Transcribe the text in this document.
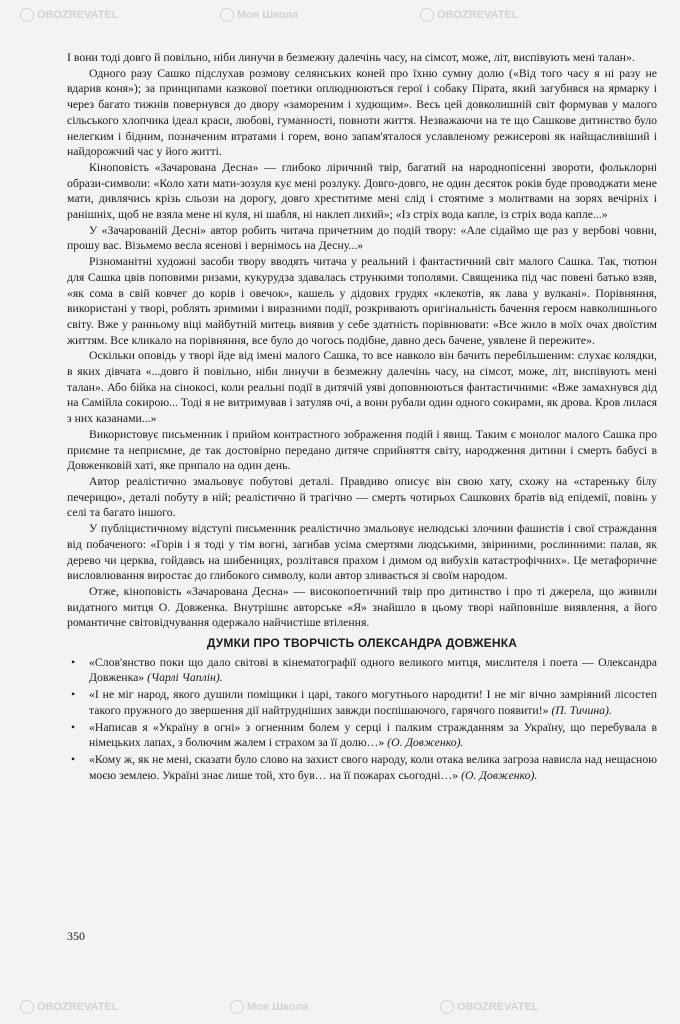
OBOZREVATEL	Моя Школа	OBOZREVATEL
OBOZREVATEL	Моя Школа	OBOZREVATEL

І вони тоді довго й повільно, ніби линучи в безмежну далечінь часу, на сімсот, може, літ, виспівують мені талан».

Одного разу Сашко підслухав розмову селянських коней про їхню сумну долю («Від того часу я ні разу не вдарив коня»); за принципами казкової поетики оплюднюються герої і собаку Пірата, який загубився на ярмарку і через багато тижнів повернувся до двору «замореним і худющим». Весь цей довколишній світ формував у малого сільського хлопчика ідеал краси, любові, гуманності, повноти життя. Незважаючи на те що Сашкове дитинство було нелегким і бідним, позначеним втратами і горем, воно запам'яталося уславленому режисерові як найщасливіший і найдорожчий час у його житті.

Кіноповість «Зачарована Десна» — глибоко ліричний твір, багатий на народнопісенні звороти, фольклорні образи-символи: «Коло хати мати-зозуля кує мені розлуку. Довго-довго, не один десяток років буде проводжати мене мати, дивлячись крізь сльози на дорогу, довго хреститиме мені слід і стоятиме з молитвами на зорях вечірніх і ранішніх, щоб не взяла мене ні куля, ні шабля, ні наклеп лихий»; «Із стріх вода капле, із стріх вода капле...»

У «Зачарованій Десні» автор робить читача причетним до подій твору: «Але сідаймо ще раз у вербові човни, прошу вас. Візьмемо весла ясенові і вернімось на Десну...»

Різноманітні художні засоби твору вводять читача у реальний і фантастичний світ малого Сашка. Так, тютюн для Сашка цвів поповими ризами, кукурудза здавалась стрункими тополями. Священика під час повені батько взяв, «як сома в свій ковчег до корів і овечок», кашель у дідових грудях «клекотів, як лава у вулкані». Порівняння, використані у творі, роблять зримими і виразними події, розкривають оригінальність бачення героєм навколишнього світу. Вже у ранньому віці майбутній митець виявив у себе здатність порівнювати: «Все жило в моїх очах двоїстим життям. Все кликало на порівняння, все було до чогось подібне, давно десь бачене, уявлене й пережите».

Оскільки оповідь у творі йде від імені малого Сашка, то все навколо він бачить перебільшеним: слухає колядки, в яких дівчата «...довго й повільно, ніби линучи в безмежну далечінь часу, на сімсот, може, літ, виспівують мені талан». Або бійка на сінокосі, коли реальні події в дитячій уяві доповнюються фантастичними: «Вже замахнувся дід на Самійла сокирою... Тоді я не витримував і затуляв очі, а вони рубали один одного сокирами, як дрова. Кров лилася з них казанами...»

Використовує письменник і прийом контрастного зображення подій і явищ. Таким є монолог малого Сашка про приємне та неприємне, де так достовірно передано дитяче сприйняття світу, народження дитини і смерть бабусі в Довженковій хаті, яке припало на один день.

Автор реалістично змальовує побутові деталі. Правдиво описує він свою хату, схожу на «стареньку білу печерицю», деталі побуту в ній; реалістично й трагічно — смерть чотирьох Сашкових братів від епідемії, повінь у селі та багато іншого.

У публіцистичному відступі письменник реалістично змальовує нелюдські злочини фашистів і свої страждання від побаченого: «Горів і я тоді у тім вогні, загибав усіма смертями людськими, звіриними, рослинними: палав, як дерево чи церква, гойдавсь на шибеницях, розлітався прахом і димом од вибухів катастрофічних». Це метафоричне висловлювання виростає до глибокого символу, коли автор зливається зі своїм народом.

Отже, кіноповість «Зачарована Десна» — високопоетичний твір про дитинство і про ті джерела, що живили видатного митця О. Довженка. Внутрішнє авторське «Я» знайшло в цьому творі найповніше виявлення, а його романтичне світовідчування одержало найчистіше втілення.

ДУМКИ ПРО ТВОРЧІСТЬ ОЛЕКСАНДРА ДОВЖЕНКА
• «Слов'янство поки що дало світові в кінематографії одного великого митця, мислителя і поета — Олександра Довженка» (Чарлі Чаплін).
• «І не міг народ, якого душили поміщики і царі, такого могутнього народити! І не міг вічно замріяний лісостеп такого пружного до звершення дії найтрудніших завжди поспішаючого, гарячого появити!» (П. Тичина).
• «Написав я «Україну в огні» з огненним болем у серці і палким стражданням за Україну, що перебувала в німецьких лапах, з болючим жалем і страхом за її долю…» (О. Довженко).
• «Кому ж, як не мені, сказати було слово на захист свого народу, коли отака велика загроза нависла над нещасною моєю землею. Україні знає лише той, хто був… на її пожарах сьогодні…» (О. Довженко).
350
